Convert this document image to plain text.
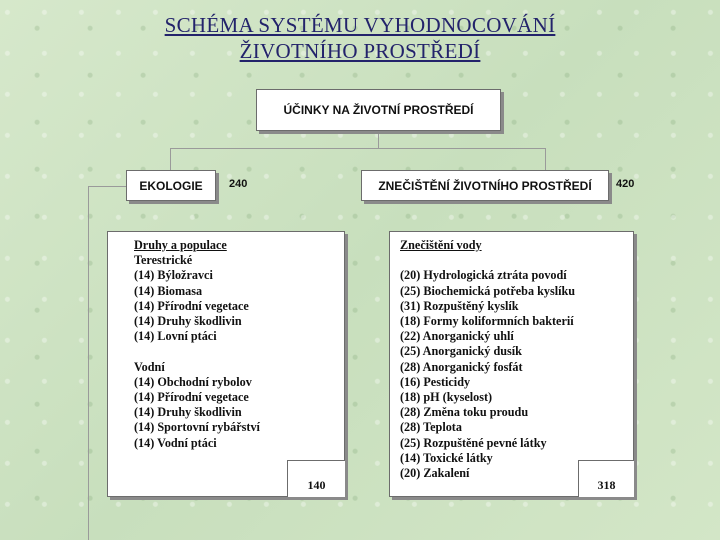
SCHÉMA SYSTÉMU VYHODNOCOVÁNÍ
ŽIVOTNÍHO PROSTŘEDÍ
ÚČINKY NA ŽIVOTNÍ PROSTŘEDÍ
EKOLOGIE 240	ZNEČIŠTĚNÍ ŽIVOTNÍHO PROSTŘEDÍ 420
Druhy a populace
Terestrické
(14) Býložravci
(14) Biomasa
(14) Přírodní vegetace
(14) Druhy škodlivin
(14) Lovní ptáci
Vodní
(14) Obchodní rybolov
(14) Přírodní vegetace
(14) Druhy škodlivin
(14) Sportovní rybářství
(14) Vodní ptáci
140
Znečištění vody
(20) Hydrologická ztráta povodí
(25) Biochemická potřeba kyslíku
(31) Rozpuštěný kyslík
(18) Formy koliformních bakterií
(22) Anorganický uhlí
(25) Anorganický dusík
(28) Anorganický fosfát
(16) Pesticidy
(18) pH (kyselost)
(28) Změna toku proudu
(28) Teplota
(25) Rozpuštěné pevné látky
(14) Toxické látky
(20) Zakalení
318
